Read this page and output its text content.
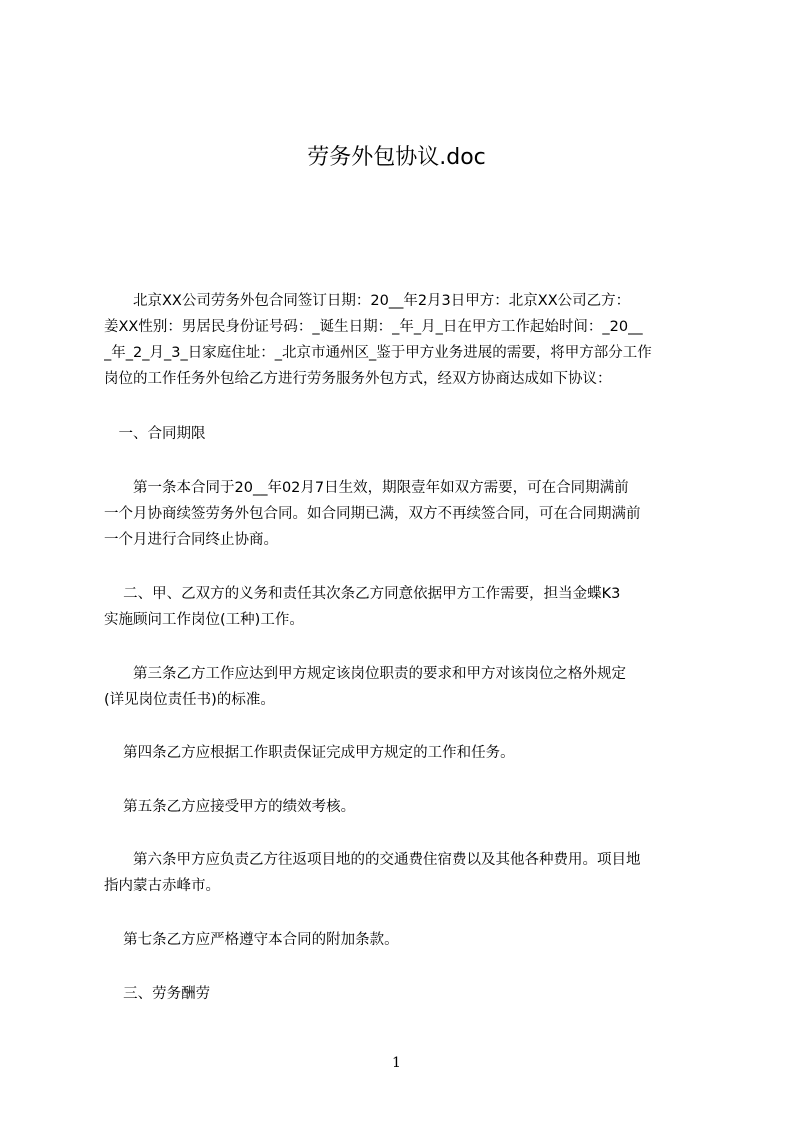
劳务外包协议.doc
　　北京XX公司劳务外包合同签订日期：20__年2月3日甲方：北京XX公司乙方：
姜XX性别：男居民身份证号码：_诞生日期：_年_月_日在甲方工作起始时间：_20__
_年_2_月_3_日家庭住址：_北京市通州区_鉴于甲方业务进展的需要，将甲方部分工作
岗位的工作任务外包给乙方进行劳务服务外包方式，经双方协商达成如下协议：
　一、合同期限
　　第一条本合同于20__年02月7日生效，期限壹年如双方需要，可在合同期满前
一个月协商续签劳务外包合同。如合同期已满，双方不再续签合同，可在合同期满前
一个月进行合同终止协商。
　 二、甲、乙双方的义务和责任其次条乙方同意依据甲方工作需要，担当金蝶K3
实施顾问工作岗位(工种)工作。
　　第三条乙方工作应达到甲方规定该岗位职责的要求和甲方对该岗位之格外规定
(详见岗位责任书)的标准。
　 第四条乙方应根据工作职责保证完成甲方规定的工作和任务。
　 第五条乙方应接受甲方的绩效考核。
　　第六条甲方应负责乙方往返项目地的的交通费住宿费以及其他各种费用。项目地
指内蒙古赤峰市。
　 第七条乙方应严格遵守本合同的附加条款。
　 三、劳务酬劳
1
